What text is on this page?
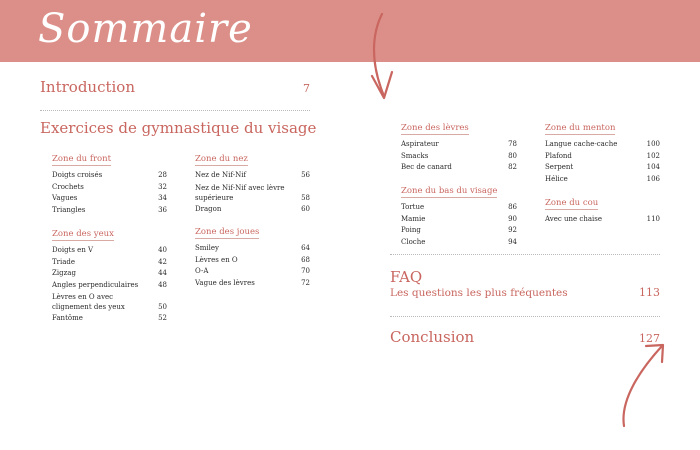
Sommaire
Introduction	7
Exercices de gymnastique du visage
Zone du front
Doigts croisés	28
Crochets	32
Vagues	34
Triangles	36
Zone des yeux
Doigts en V	40
Triade	42
Zigzag	44
Angles perpendiculaires	48
Lèvres en O avec clignement des yeux	50
Fantôme	52
Zone du nez
Nez de Nif-Nif	56
Nez de Nif-Nif avec lèvre supérieure	58
Dragon	60
Zone des joues
Smiley	64
Lèvres en O	68
O-A	70
Vague des lèvres	72
Zone des lèvres
Aspirateur	78
Smacks	80
Bec de canard	82
Zone du bas du visage
Tortue	86
Mamie	90
Poing	92
Cloche	94
Zone du menton
Langue cache-cache	100
Plafond	102
Serpent	104
Hélice	106
Zone du cou
Avec une chaise	110
FAQ
Les questions les plus fréquentes	113
Conclusion	127
